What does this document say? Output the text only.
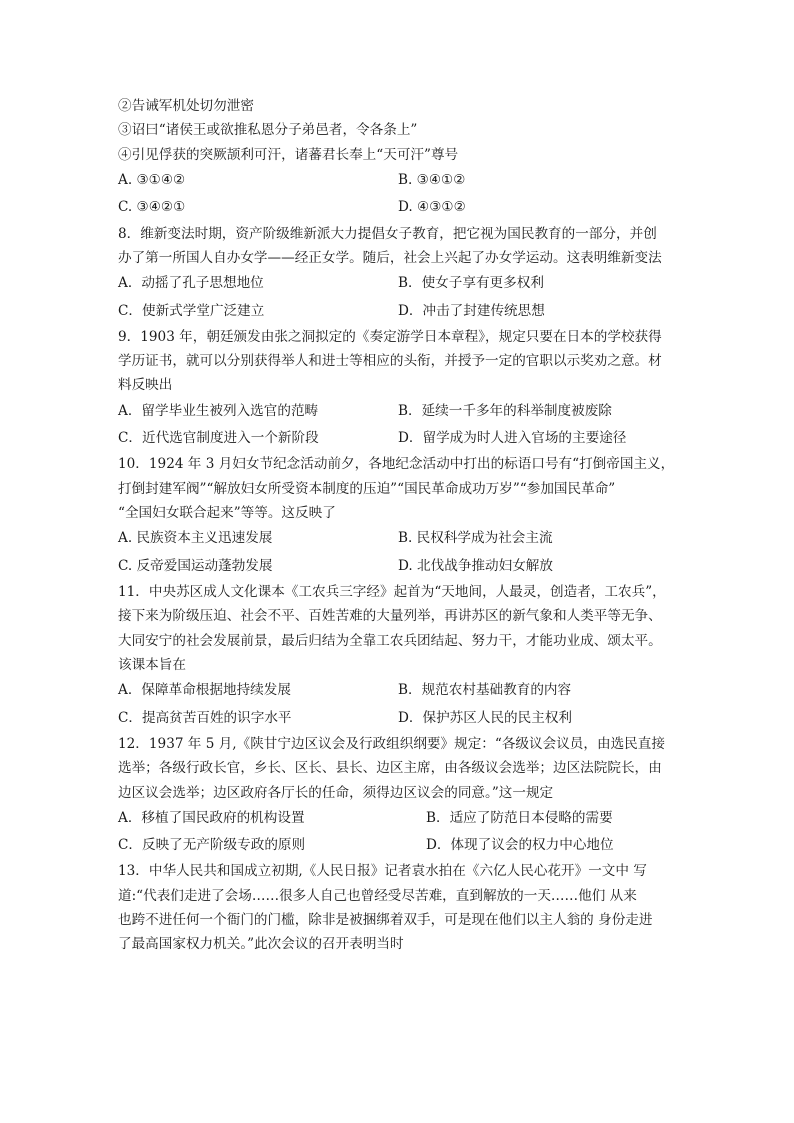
②告诫军机处切勿泄密
③诏曰“诸侯王或欲推私恩分子弟邑者，令各条上”
④引见俘获的突厥颉利可汗，诸蕃君长奉上“天可汗”尊号
A. ③①④②	B. ③④①②
C. ③④②①	D. ④③①②
8．维新变法时期，资产阶级维新派大力提倡女子教育，把它视为国民教育的一部分，并创
办了第一所国人自办女学——经正女学。随后，社会上兴起了办女学运动。这表明维新变法
A．动摇了孔子思想地位	B．使女子享有更多权利
C．使新式学堂广泛建立	D．冲击了封建传统思想
9．1903 年，朝廷颁发由张之洞拟定的《奏定游学日本章程》，规定只要在日本的学校获得
学历证书，就可以分别获得举人和进士等相应的头衔，并授予一定的官职以示奖劝之意。材
料反映出
A．留学毕业生被列入选官的范畴	B．延续一千多年的科举制度被废除
C．近代选官制度进入一个新阶段	D．留学成为时人进入官场的主要途径
10．1924 年 3 月妇女节纪念活动前夕，各地纪念活动中打出的标语口号有“打倒帝国主义，
打倒封建军阀”“解放妇女所受资本制度的压迫”“国民革命成功万岁”“参加国民革命”
“全国妇女联合起来”等等。这反映了
A. 民族资本主义迅速发展	B. 民权科学成为社会主流
C. 反帝爱国运动蓬勃发展	D. 北伐战争推动妇女解放
11．中央苏区成人文化课本《工农兵三字经》起首为“天地间，人最灵，创造者，工农兵”，
接下来为阶级压迫、社会不平、百姓苦难的大量列举，再讲苏区的新气象和人类平等无争、
大同安宁的社会发展前景，最后归结为全靠工农兵团结起、努力干，才能功业成、颂太平。
该课本旨在
A．保障革命根据地持续发展	B．规范农村基础教育的内容
C．提高贫苦百姓的识字水平	D．保护苏区人民的民主权利
12．1937 年 5 月,《陕甘宁边区议会及行政组织纲要》规定：“各级议会议员，由选民直接
选举；各级行政长官，乡长、区长、县长、边区主席，由各级议会选举；边区法院院长，由
边区议会选举；边区政府各厅长的任命，须得边区议会的同意。”这一规定
A．移植了国民政府的机构设置	B．适应了防范日本侵略的需要
C．反映了无产阶级专政的原则	D．体现了议会的权力中心地位
13．中华人民共和国成立初期,《人民日报》记者袁水拍在《六亿人民心花开》一文中 写
道:“代表们走进了会场……很多人自己也曾经受尽苦难，直到解放的一天……他们 从来
也跨不进任何一个衙门的门槛，除非是被捆绑着双手，可是现在他们以主人翁的 身份走进
了最高国家权力机关。”此次会议的召开表明当时
